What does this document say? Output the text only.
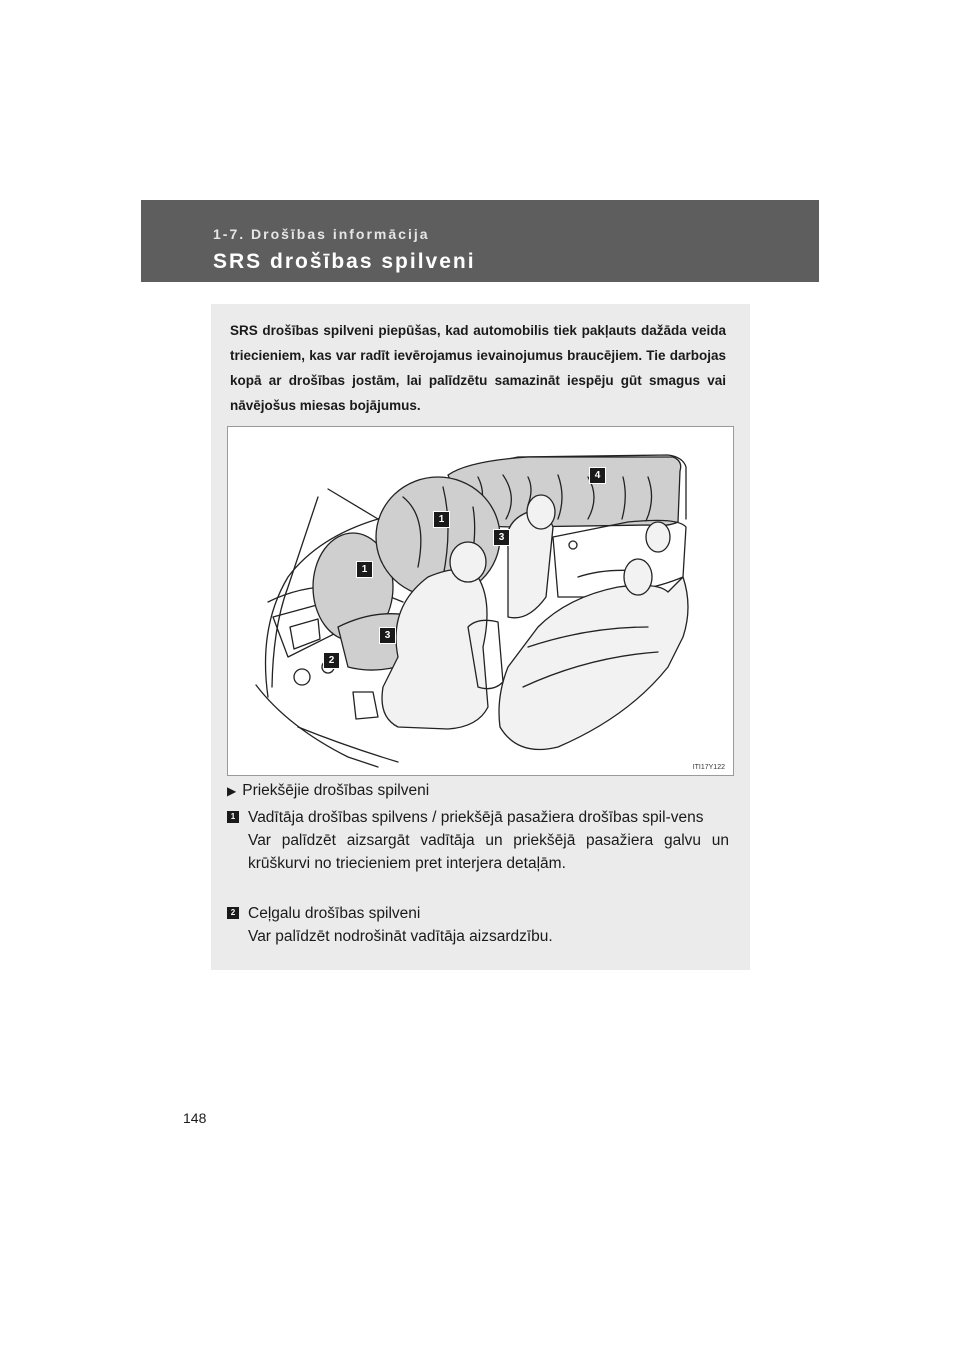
1-7. Drošības informācija
SRS drošības spilveni

SRS drošības spilveni piepūšas, kad automobilis tiek pakļauts dažāda veida triecieniem, kas var radīt ievērojamus ievainojumus braucējiem. Tie darbojas kopā ar drošības jostām, lai palīdzētu samazināt iespēju gūt smagus vai nāvējošus miesas bojājumus.

1
1
3
3
2
4
ITI17Y122
▶ Priekšējie drošības spilveni
1 Vadītāja drošības spilvens / priekšējā pasažiera drošības spil-vens

Var palīdzēt aizsargāt vadītāja un priekšējā pasažiera galvu un krūškurvi no triecieniem pret interjera detaļām.

2 Ceļgalu drošības spilveni

Var palīdzēt nodrošināt vadītāja aizsardzību.

148
